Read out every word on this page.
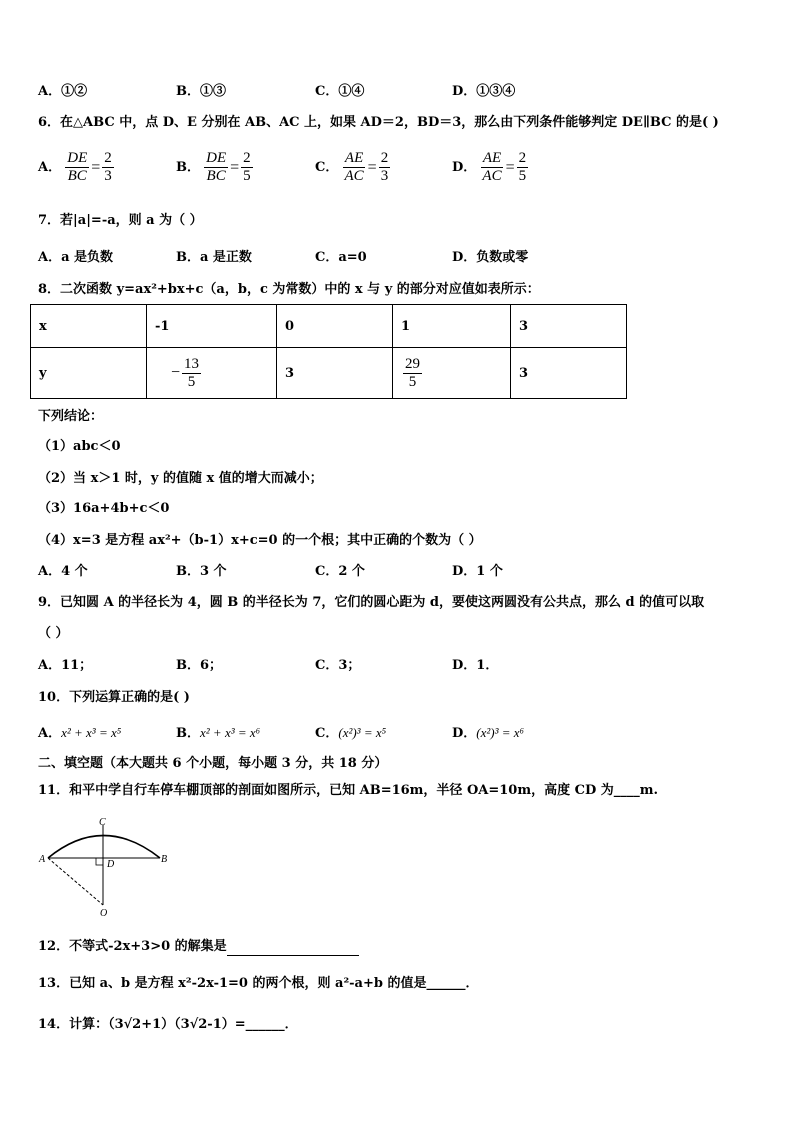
A．①②	B．①③	C．①④	D．①③④
6．在△ABC 中，点 D、E 分别在 AB、AC 上，如果 AD＝2，BD＝3，那么由下列条件能够判定 DE∥BC 的是( )
A． $\frac{DE}{BC} = \frac{2}{3}$	B． $\frac{DE}{BC} = \frac{2}{5}$	C． $\frac{AE}{AC} = \frac{2}{3}$	D． $\frac{AE}{AC} = \frac{2}{5}$
7．若|a|=-a，则 a 为（ ）
A．a 是负数	B．a 是正数	C．a=0	D．负数或零
8．二次函数 y=ax²+bx+c（a，b，c 为常数）中的 x 与 y 的部分对应值如表所示：
x	-1	0	1	3
y	− $\frac{13}{5}$	3	$\frac{29}{5}$	3
下列结论：
（1）abc＜0
（2）当 x＞1 时，y 的值随 x 值的增大而减小；
（3）16a+4b+c＜0
（4）x=3 是方程 ax²+（b-1）x+c=0 的一个根；其中正确的个数为（ ）
A．4 个	B．3 个	C．2 个	D．1 个
9．已知圆 A 的半径长为 4，圆 B 的半径长为 7，它们的圆心距为 d，要使这两圆没有公共点，那么 d 的值可以取
（ ）
A．11；	B．6；	C．3；	D．1．
10．下列运算正确的是( )
A．x² + x³ = x⁵	B．x² + x³ = x⁶	C．(x²)³ = x⁵	D．(x²)³ = x⁶
二、填空题（本大题共 6 个小题，每小题 3 分，共 18 分）
11．和平中学自行车停车棚顶部的剖面如图所示，已知 AB=16m，半径 OA=10m，高度 CD 为____m.
C
A	B
D
O
12．不等式-2x+3>0 的解集是
13．已知 a、b 是方程 x²-2x-1=0 的两个根，则 a²-a+b 的值是______．
14．计算：（3√2+1）（3√2-1）=______．
